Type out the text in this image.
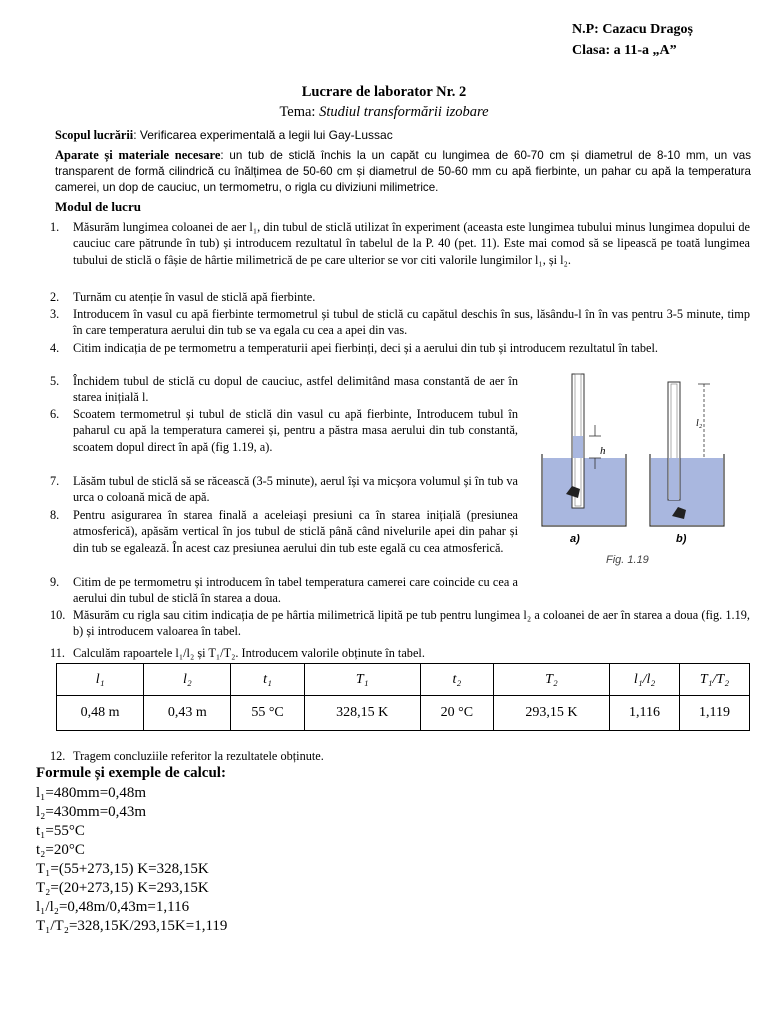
N.P: Cazacu Dragoș
Clasa: a 11-a „A”
Lucrare de laborator Nr. 2
Tema: Studiul transformării izobare
Scopul lucrării: Verificarea experimentală a legii lui Gay-Lussac
Aparate și materiale necesare: un tub de sticlă închis la un capăt cu lungimea de 60-70 cm și diametrul de 8-10 mm, un vas transparent de formă cilindrică cu înălțimea de 50-60 cm și diametrul de 50-60 mm cu apă fierbinte, un pahar cu apă la temperatura camerei, un dop de cauciuc, un termometru, o rigla cu diviziuni milimetrice.
Modul de lucru
1. Măsurăm lungimea coloanei de aer l₁, din tubul de sticlă utilizat în experiment (aceasta este lungimea tubului minus lungimea dopului de cauciuc care pătrunde în tub) și introducem rezultatul în tabelul de la P. 40 (pet. 11). Este mai comod să se lipească pe toată lungimea tubului de sticlă o fâșie de hârtie milimetrică de pe care ulterior se vor citi valorile lungimilor l₁, și l₂.
2. Turnăm cu atenție în vasul de sticlă apă fierbinte.
3. Introducem în vasul cu apă fierbinte termometrul și tubul de sticlă cu capătul deschis în sus, lăsându-l în în vas pentru 3-5 minute, timp în care temperatura aerului din tub se va egala cu cea a apei din vas.
4. Citim indicația de pe termometru a temperaturii apei fierbinți, deci și a aerului din tub și introducem rezultatul în tabel.
5. Închidem tubul de sticlă cu dopul de cauciuc, astfel delimitând masa constantă de aer în starea inițială l.
6. Scoatem termometrul și tubul de sticlă din vasul cu apă fierbinte, Introducem tubul în paharul cu apă la temperatura camerei și, pentru a păstra masa aerului din tub constantă, scoatem dopul direct în apă (fig 1.19, a).
7. Lăsăm tubul de sticlă să se răcească (3-5 minute), aerul își va micșora volumul și în tub va urca o coloană mică de apă.
8. Pentru asigurarea în starea finală a aceleiași presiuni ca în starea inițială (presiunea atmosferică), apăsăm vertical în jos tubul de sticlă până când nivelurile apei din pahar și din tub se egalează. În acest caz presiunea aerului din tub este egală cu cea atmosferică.
9. Citim de pe termometru și introducem în tabel temperatura camerei care coincide cu cea a aerului din tubul de sticlă în starea a doua.
10. Măsurăm cu rigla sau citim indicația de pe hârtia milimetrică lipită pe tub pentru lungimea l₂ a coloanei de aer în starea a doua (fig. 1.19, b) și introducem valoarea în tabel.
11. Calculăm rapoartele l₁/l₂ și T₁/T₂. Introducem valorile obținute în tabel.
h
l₂
a)	b)
Fig. 1.19
l₁	l₂	t₁	T₁	t₂	T₂	l₁/l₂	T₁/T₂
0,48 m	0,43 m	55 °C	328,15 K	20 °C	293,15 K	1,116	1,119
12. Tragem concluziile referitor la rezultatele obținute.
Formule și exemple de calcul:
l₁=480mm=0,48m
l₂=430mm=0,43m
t₁=55°C
t₂=20°C
T₁=(55+273,15) K=328,15K
T₂=(20+273,15) K=293,15K
l₁/l₂=0,48m/0,43m=1,116
T₁/T₂=328,15K/293,15K=1,119
